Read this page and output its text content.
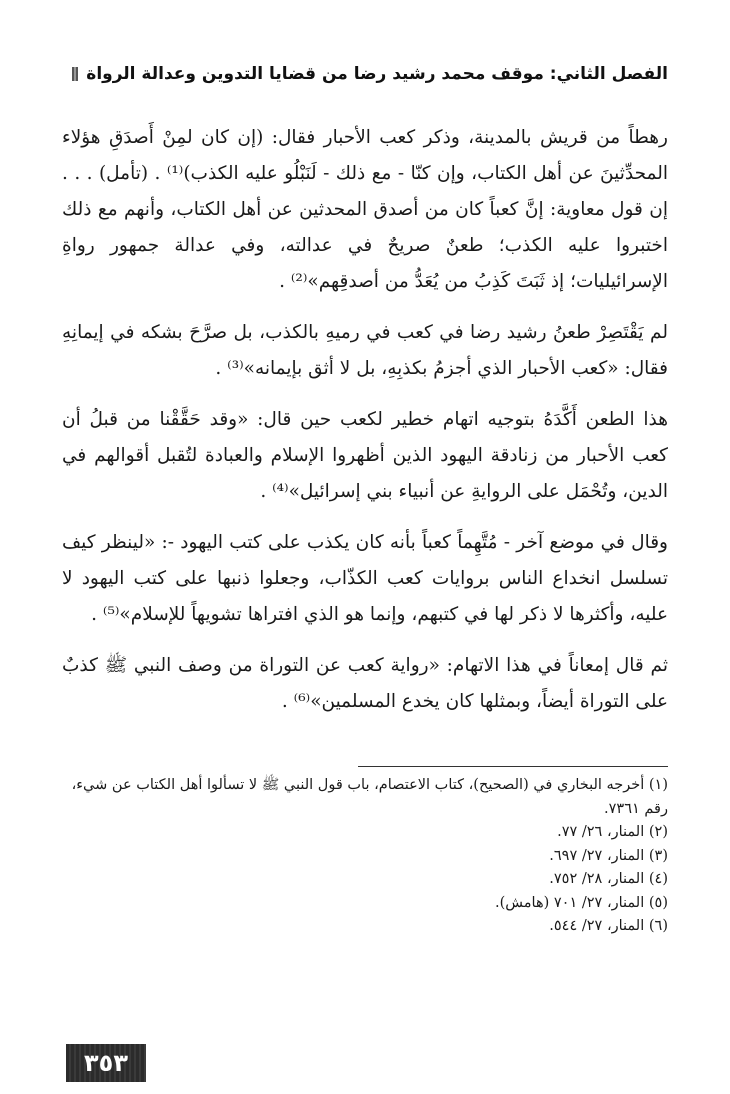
الفصل الثاني: موقف محمد رشيد رضا من قضايا التدوين وعدالة الرواة

رهطاً من قريش بالمدينة، وذكر كعب الأحبار فقال: (إن كان لمِنْ أَصدَقِ هؤلاء المحدِّثينَ عن أهل الكتاب، وإن كنّا - مع ذلك - لَنَبْلُو عليه الكذب)⁽¹⁾ . (تأمل) . . . إن قول معاوية: إنَّ كعباً كان من أصدق المحدثين عن أهل الكتاب، وأنهم مع ذلك اختبروا عليه الكذب؛ طعنٌ صريحٌ في عدالته، وفي عدالة جمهور رواةِ الإسرائيليات؛ إذ ثَبَتَ كَذِبُ من يُعَدُّ من أصدقِهم»⁽²⁾ .

لم يَقْتَصِرْ طعنُ رشيد رضا في كعب في رميهِ بالكذب، بل صرَّحَ بشكه في إيمانِهِ فقال: «كعب الأحبار الذي أجزمُ بكذبِهِ، بل لا أثق بإيمانه»⁽³⁾ .

هذا الطعن أَكَّدَهُ بتوجيه اتهام خطير لكعب حين قال: «وقد حَقَّقْنا من قبلُ أن كعب الأحبار من زنادقة اليهود الذين أظهروا الإسلام والعبادة لتُقبل أقوالهم في الدين، وتُحْمَل على الروايةِ عن أنبياء بني إسرائيل»⁽⁴⁾ .

وقال في موضع آخر - مُتَّهِماً كعباً بأنه كان يكذب على كتب اليهود -: «لينظر كيف تسلسل انخداع الناس بروايات كعب الكذّاب، وجعلوا ذنبها على كتب اليهود لا عليه، وأكثرها لا ذكر لها في كتبهم، وإنما هو الذي افتراها تشويهاً للإسلام»⁽⁵⁾ .

ثم قال إمعاناً في هذا الاتهام: «رواية كعب عن التوراة من وصف النبي ﷺ كذبٌ على التوراة أيضاً، وبمثلها كان يخدع المسلمين»⁽⁶⁾ .

(١) أخرجه البخاري في (الصحيح)، كتاب الاعتصام، باب قول النبي ﷺ لا تسألوا أهل الكتاب عن شيء، رقم ٧٣٦١.

(٢) المنار، ٢٦/ ٧٧.

(٣) المنار، ٢٧/ ٦٩٧.

(٤) المنار، ٢٨/ ٧٥٢.

(٥) المنار، ٢٧/ ٧٠١ (هامش).

(٦) المنار، ٢٧/ ٥٤٤.

٣٥٣
